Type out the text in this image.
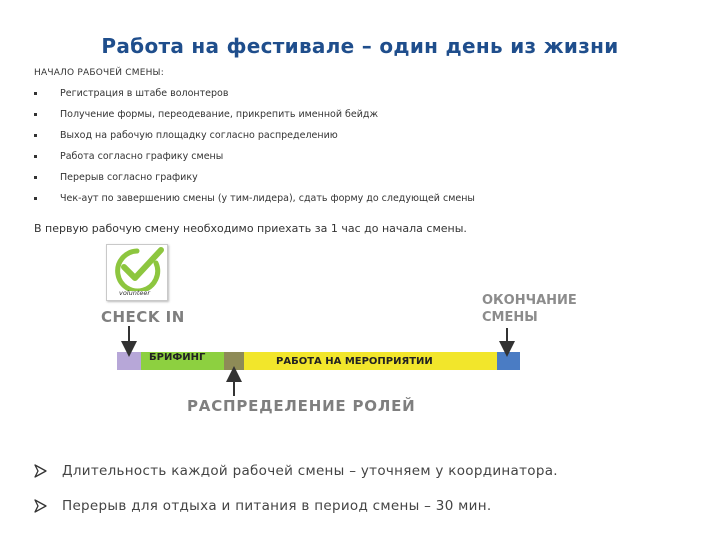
Работа на фестивале – один день из жизни
НАЧАЛО РАБОЧЕЙ СМЕНЫ:
Регистрация в штабе волонтеров
Получение формы, переодевание, прикрепить именной бейдж
Выход на рабочую площадку согласно распределению
Работа согласно графику смены
Перерыв согласно графику
Чек-аут по завершению смены (у тим-лидера), сдать форму до следующей смены
В первую рабочую смену необходимо приехать за 1 час до начала смены.
volunteer
CHECK IN
ОКОНЧАНИЕ
СМЕНЫ
БРИФИНГ	РАБОТА НА МЕРОПРИЯТИИ
РАСПРЕДЕЛЕНИЕ РОЛЕЙ
Длительность каждой рабочей смены – уточняем у координатора.
Перерыв для отдыха и питания в период смены – 30 мин.
